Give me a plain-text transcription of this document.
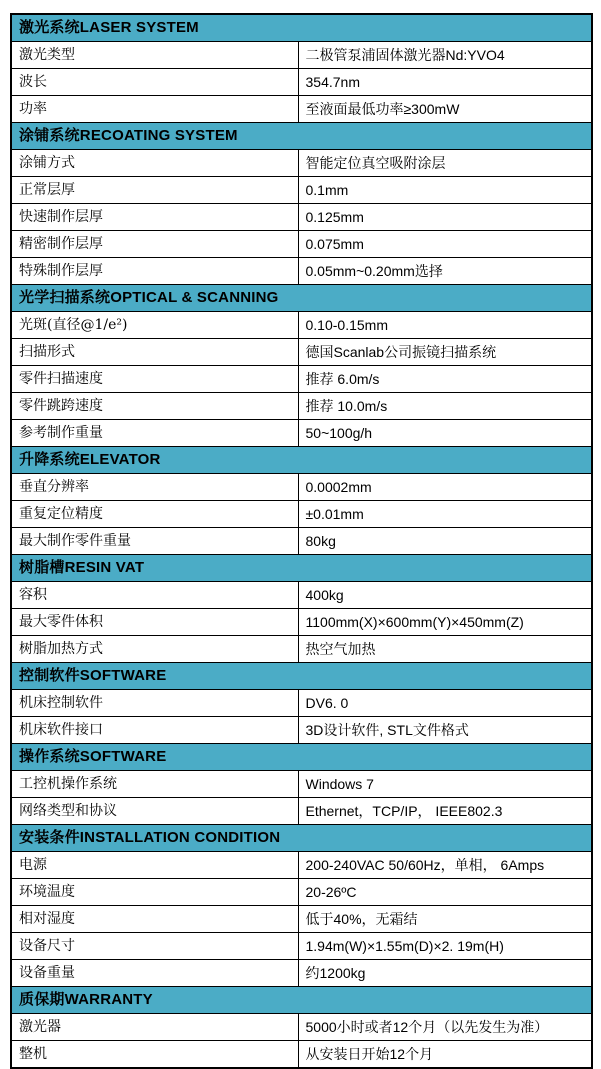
激光系统LASER SYSTEM	
激光类型	二极管泵浦固体激光器Nd:YVO4
波长	354.7nm
功率	至液面最低功率≥300mW
涂铺系统RECOATING SYSTEM	
涂铺方式	智能定位真空吸附涂层
正常层厚	0.1mm
快速制作层厚	0.125mm
精密制作层厚	0.075mm
特殊制作层厚	0.05mm~0.20mm选择
光学扫描系统OPTICAL & SCANNING	
光斑(直径@1/e²)	0.10-0.15mm
扫描形式	德国Scanlab公司振镜扫描系统
零件扫描速度	推荐 6.0m/s
零件跳跨速度	推荐 10.0m/s
参考制作重量	50~100g/h
升降系统ELEVATOR	
垂直分辨率	0.0002mm
重复定位精度	±0.01mm
最大制作零件重量	80kg
树脂槽RESIN VAT	
容积	400kg
最大零件体积	1100mm(X)×600mm(Y)×450mm(Z)
树脂加热方式	热空气加热
控制软件SOFTWARE	
机床控制软件	DV6. 0
机床软件接口	3D设计软件, STL文件格式
操作系统SOFTWARE	
工控机操作系统	Windows 7
网络类型和协议	Ethernet，TCP/IP， IEEE802.3
安装条件INSTALLATION CONDITION	
电源	200-240VAC 50/60Hz，单相， 6Amps
环境温度	20-26ºC
相对湿度	低于40%，无霜结
设备尺寸	1.94m(W)×1.55m(D)×2. 19m(H)
设备重量	约1200kg
质保期WARRANTY	
激光器	5000小时或者12个月（以先发生为准）
整机	从安装日开始12个月
